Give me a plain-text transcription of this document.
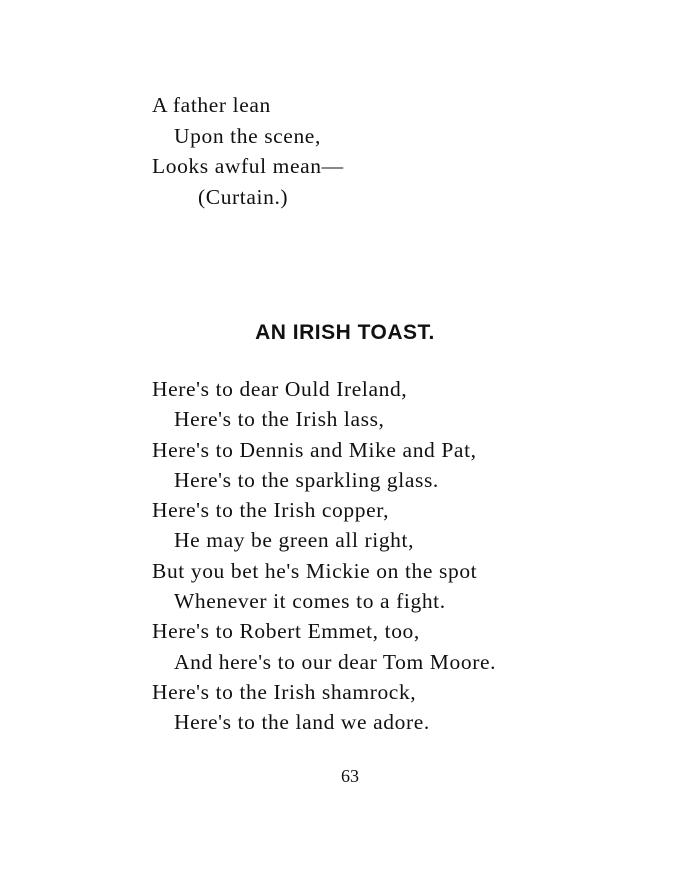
A father lean
Upon the scene,
Looks awful mean—
(Curtain.)
AN IRISH TOAST.
Here's to dear Ould Ireland,
Here's to the Irish lass,
Here's to Dennis and Mike and Pat,
Here's to the sparkling glass.
Here's to the Irish copper,
He may be green all right,
But you bet he's Mickie on the spot
Whenever it comes to a fight.
Here's to Robert Emmet, too,
And here's to our dear Tom Moore.
Here's to the Irish shamrock,
Here's to the land we adore.
63
